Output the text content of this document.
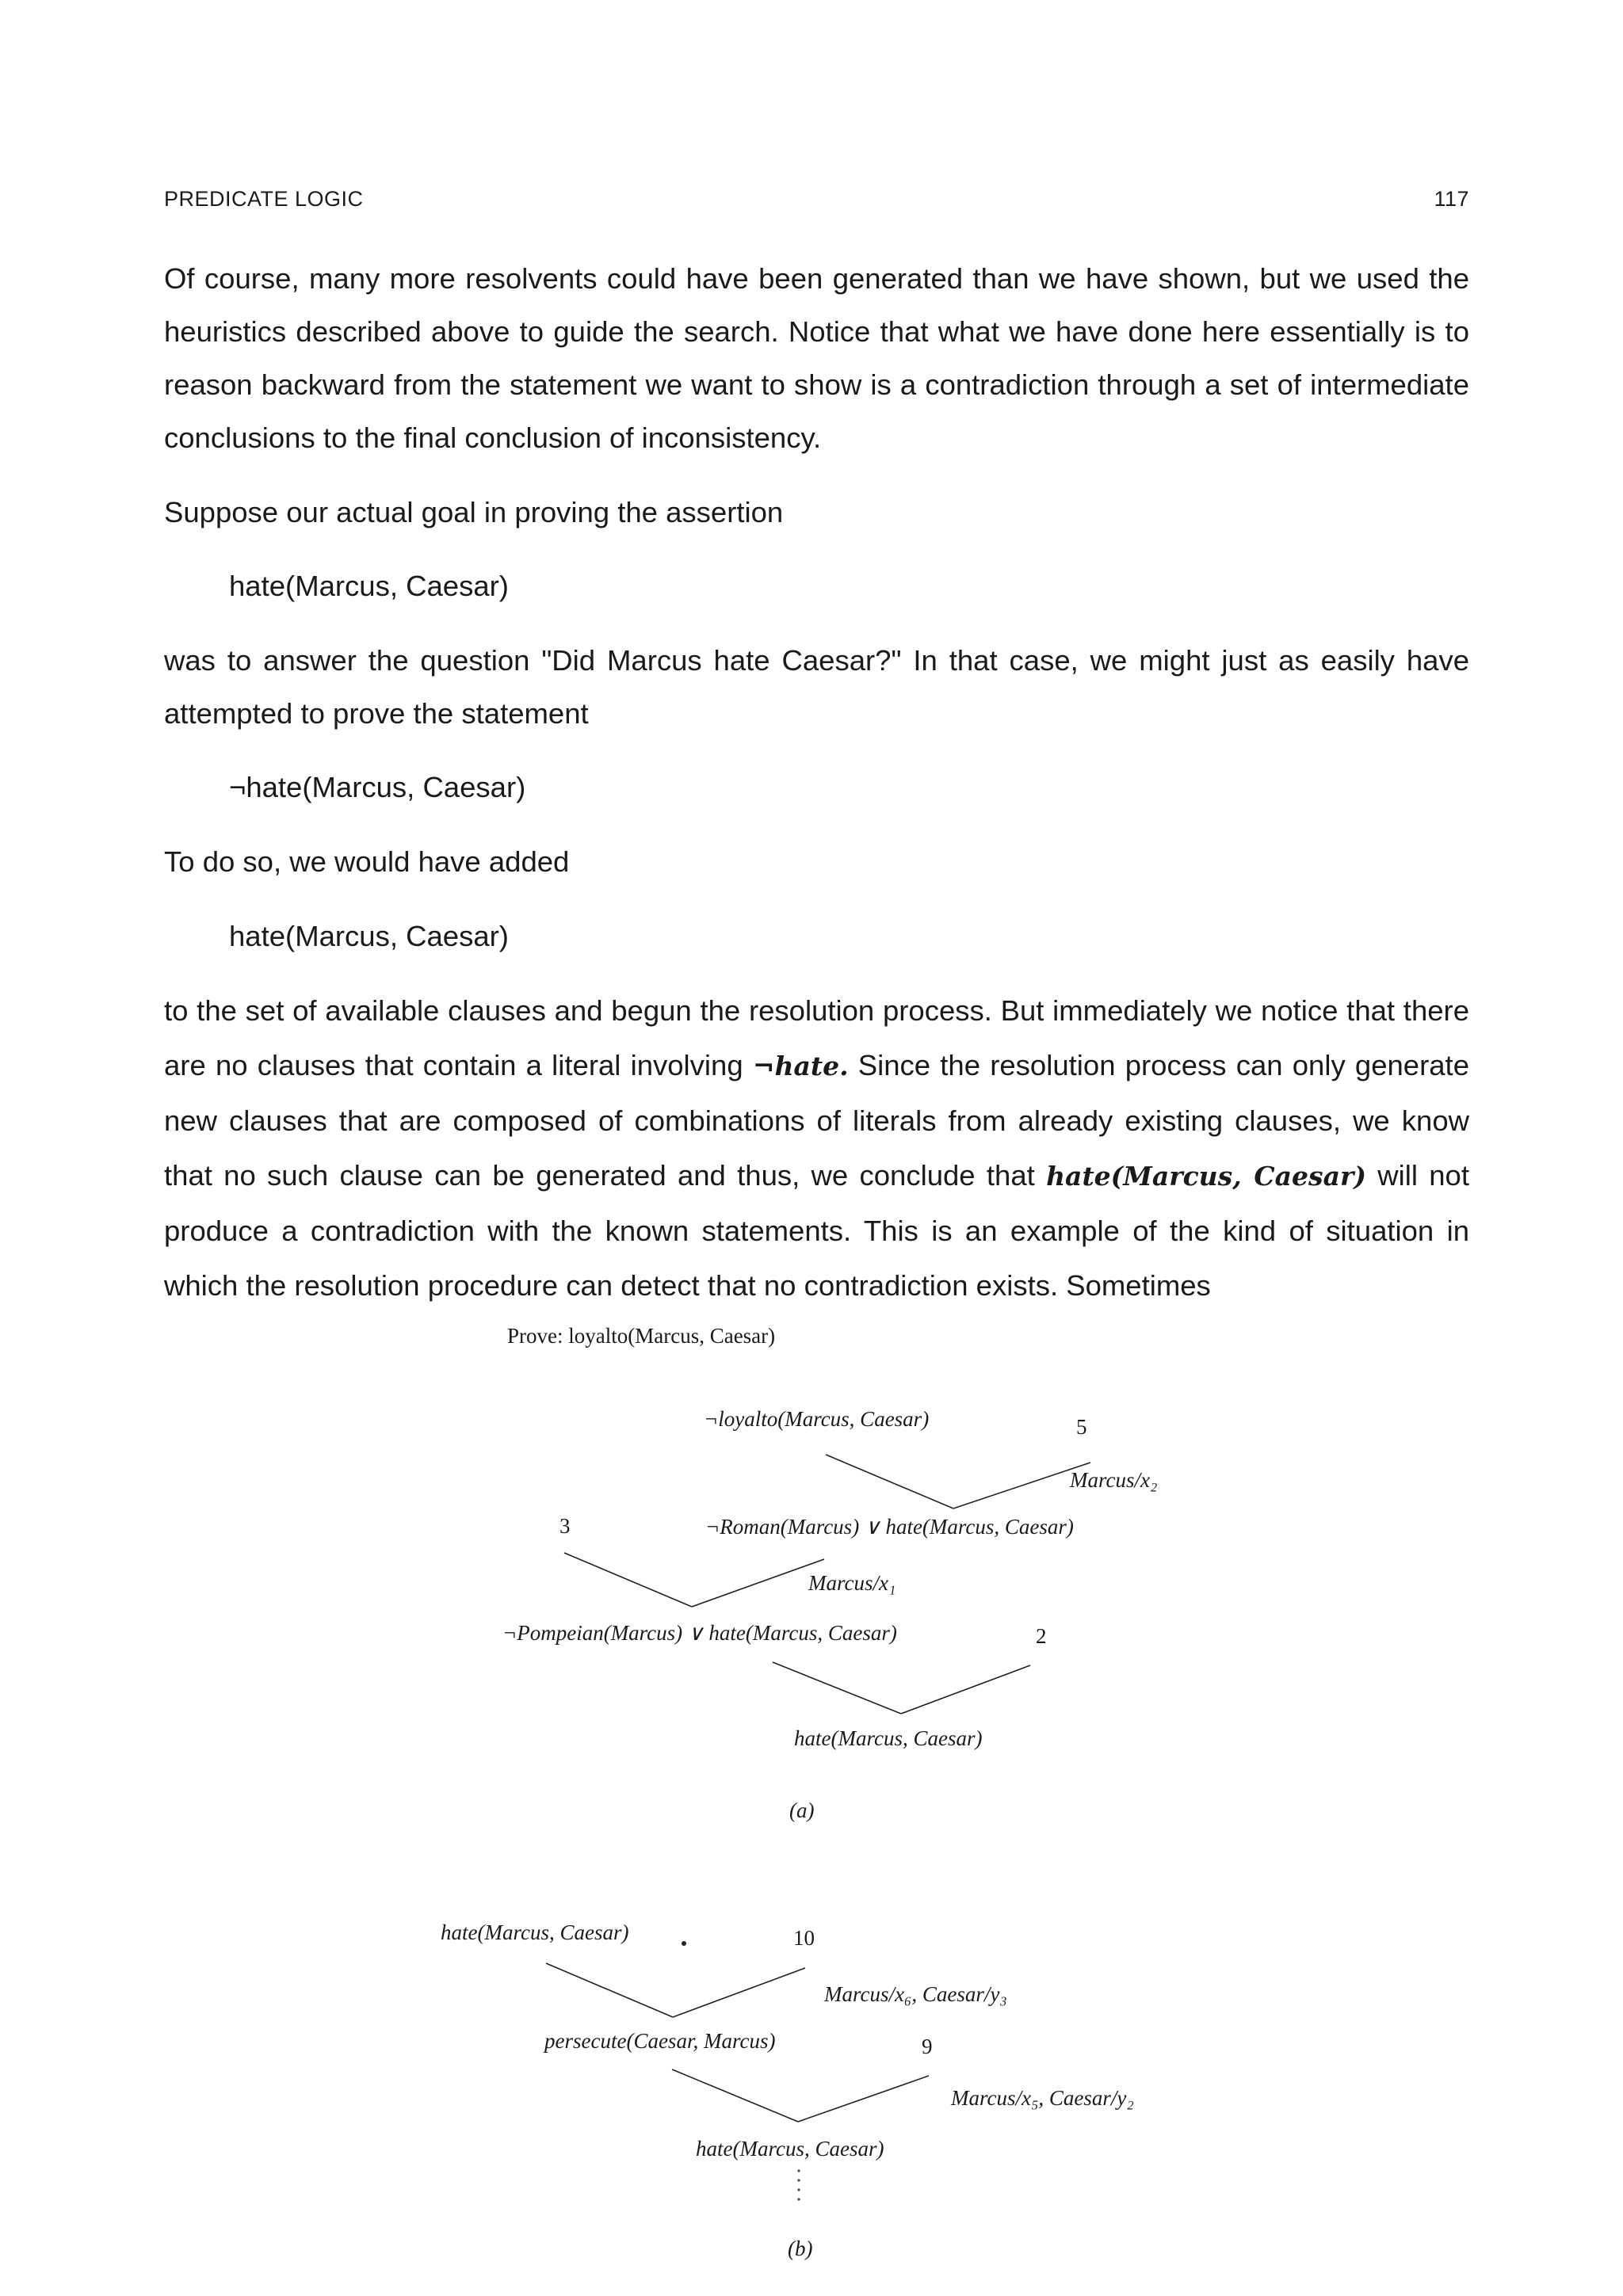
PREDICATE LOGIC	117

Of course, many more resolvents could have been generated than we have shown, but we used the heuristics described above to guide the search. Notice that what we have done here essentially is to reason backward from the statement we want to show is a contradiction through a set of intermediate conclusions to the final conclusion of inconsistency.

Suppose our actual goal in proving the assertion

hate(Marcus, Caesar)

was to answer the question "Did Marcus hate Caesar?" In that case, we might just as easily have attempted to prove the statement

¬hate(Marcus, Caesar)

To do so, we would have added

hate(Marcus, Caesar)

to the set of available clauses and begun the resolution process. But immediately we notice that there are no clauses that contain a literal involving ¬hate. Since the resolution process can only generate new clauses that are composed of combinations of literals from already existing clauses, we know that no such clause can be generated and thus, we conclude that hate(Marcus, Caesar) will not produce a contradiction with the known statements. This is an example of the kind of situation in which the resolution procedure can detect that no contradiction exists. Sometimes

Prove: loyalto(Marcus, Caesar)
¬loyalto(Marcus, Caesar)	5
Marcus/x₂
3	¬Roman(Marcus) ∨ hate(Marcus, Caesar)
Marcus/x₁
¬Pompeian(Marcus) ∨ hate(Marcus, Caesar)	2
hate(Marcus, Caesar)
(a)
hate(Marcus, Caesar)	10
Marcus/x₆, Caesar/y₃
persecute(Caesar, Marcus)	9
Marcus/x₅, Caesar/y₂
hate(Marcus, Caesar)
(b)
